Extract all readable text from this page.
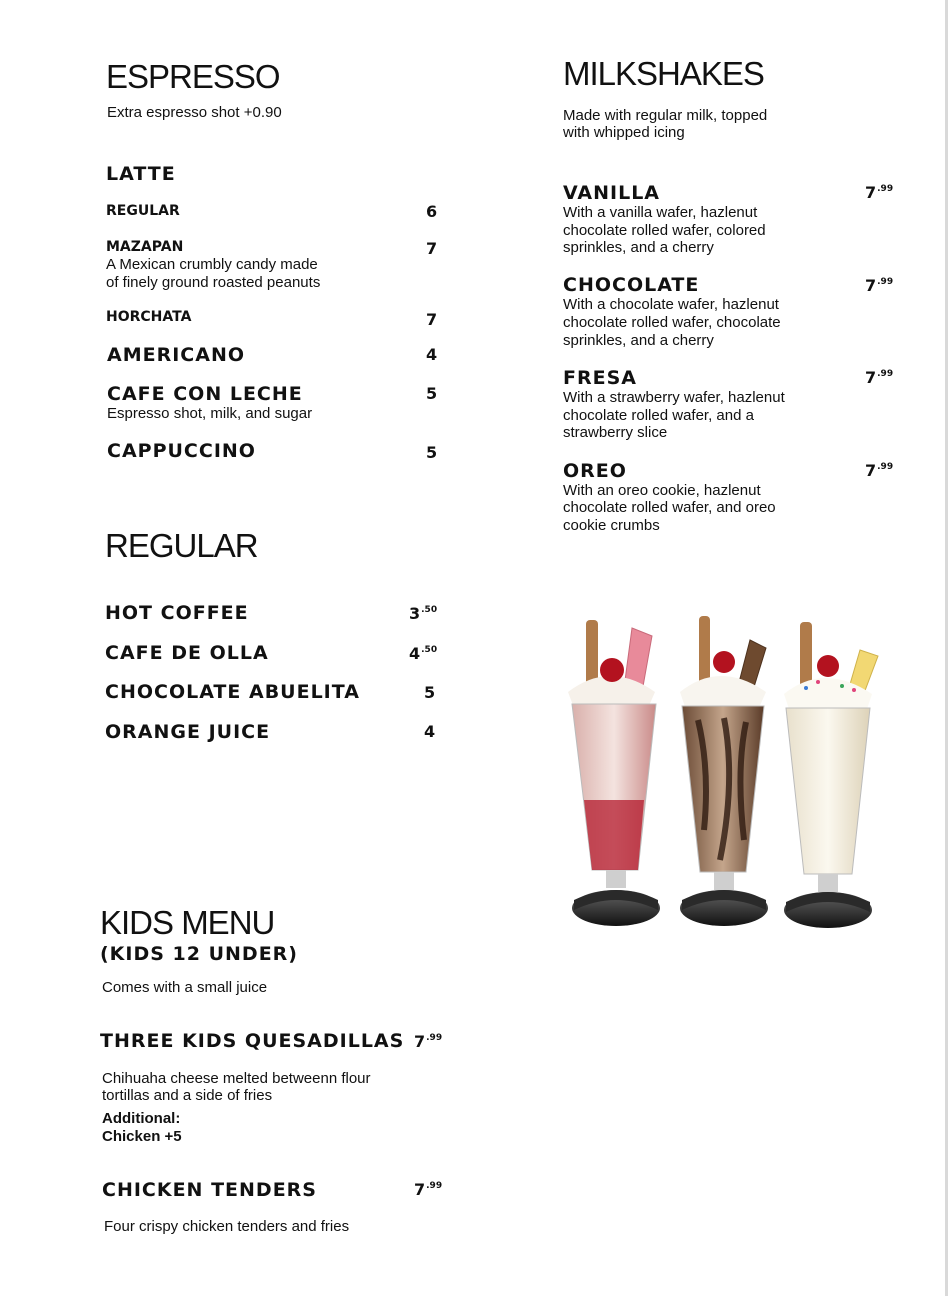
ESPRESSO
Extra espresso shot +0.90
LATTE
REGULAR	6
MAZAPAN	7
A Mexican crumbly candy made
of finely ground roasted peanuts
HORCHATA	7
AMERICANO	4
CAFE CON LECHE	5
Espresso shot, milk, and sugar
CAPPUCCINO	5
REGULAR
HOT COFFEE	$3^{.50}$
CAFE DE OLLA	$4^{.50}$
CHOCOLATE ABUELITA	5
ORANGE JUICE	4
KIDS MENU
(KIDS 12 UNDER)
Comes with a small juice
THREE KIDS QUESADILLAS $7^{.99}$
Chihuaha cheese melted betweenn flour
tortillas and a side of fries
Additional:
Chicken +5
CHICKEN TENDERS	$7^{.99}$
Four crispy chicken tenders and fries
MILKSHAKES
Made with regular milk, topped
with whipped icing
VANILLA	$7^{.99}$
With a vanilla wafer, hazlenut
chocolate rolled wafer, colored
sprinkles, and a cherry
CHOCOLATE	$7^{.99}$
With a chocolate wafer, hazlenut
chocolate rolled wafer, chocolate
sprinkles, and a cherry
FRESA	$7^{.99}$
With a strawberry wafer, hazlenut
chocolate rolled wafer, and a
strawberry slice
OREO	$7^{.99}$
With an oreo cookie, hazlenut
chocolate rolled wafer, and oreo
cookie crumbs
